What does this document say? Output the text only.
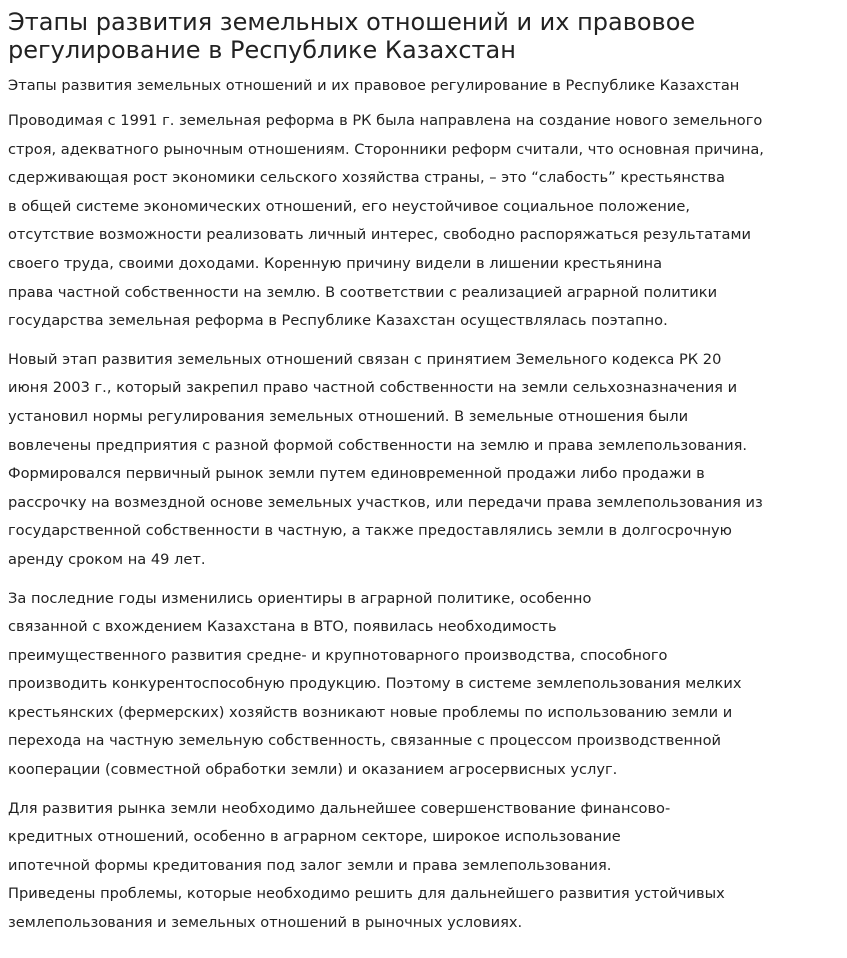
Этапы развития земельных отношений и их правовое
регулирование в Республике Казахстан
Этапы развития земельных отношений и их правовое регулирование в Республике Казахстан
Проводимая с 1991 г. земельная реформа в РК была направлена на создание нового земельного
строя, адекватного рыночным отношениям. Сторонники реформ считали, что основная причина,
сдерживающая рост экономики сельского хозяйства страны, – это “слабость” крестьянства
в общей системе экономических отношений, его неустойчивое социальное положение,
отсутствие возможности реализовать личный интерес, свободно распоряжаться результатами
своего труда, своими доходами. Коренную причину видели в лишении крестьянина
права частной собственности на землю. В соответствии с реализацией аграрной политики
государства земельная реформа в Республике Казахстан осуществлялась поэтапно.
Новый этап развития земельных отношений связан с принятием Земельного кодекса РК 20
июня 2003 г., который закрепил право частной собственности на земли сельхозназначения и
установил нормы регулирования земельных отношений. В земельные отношения были
вовлечены предприятия с разной формой собственности на землю и права землепользования.
Формировался первичный рынок земли путем единовременной продажи либо продажи в
рассрочку на возмездной основе земельных участков, или передачи права землепользования из
государственной собственности в частную, а также предоставлялись земли в долгосрочную
аренду сроком на 49 лет.
За последние годы изменились ориентиры в аграрной политике, особенно
связанной с вхождением Казахстана в ВТО, появилась необходимость
преимущественного развития средне- и крупнотоварного производства, способного
производить конкурентоспособную продукцию. Поэтому в системе землепользования мелких
крестьянских (фермерских) хозяйств возникают новые проблемы по использованию земли и
перехода на частную земельную собственность, связанные с процессом производственной
кооперации (совместной обработки земли) и оказанием агросервисных услуг.
Для развития рынка земли необходимо дальнейшее совершенствование финансово-
кредитных отношений, особенно в аграрном секторе, широкое использование
ипотечной формы кредитования под залог земли и права землепользования.
Приведены проблемы, которые необходимо решить для дальнейшего развития устойчивых
землепользования и земельных отношений в рыночных условиях.
